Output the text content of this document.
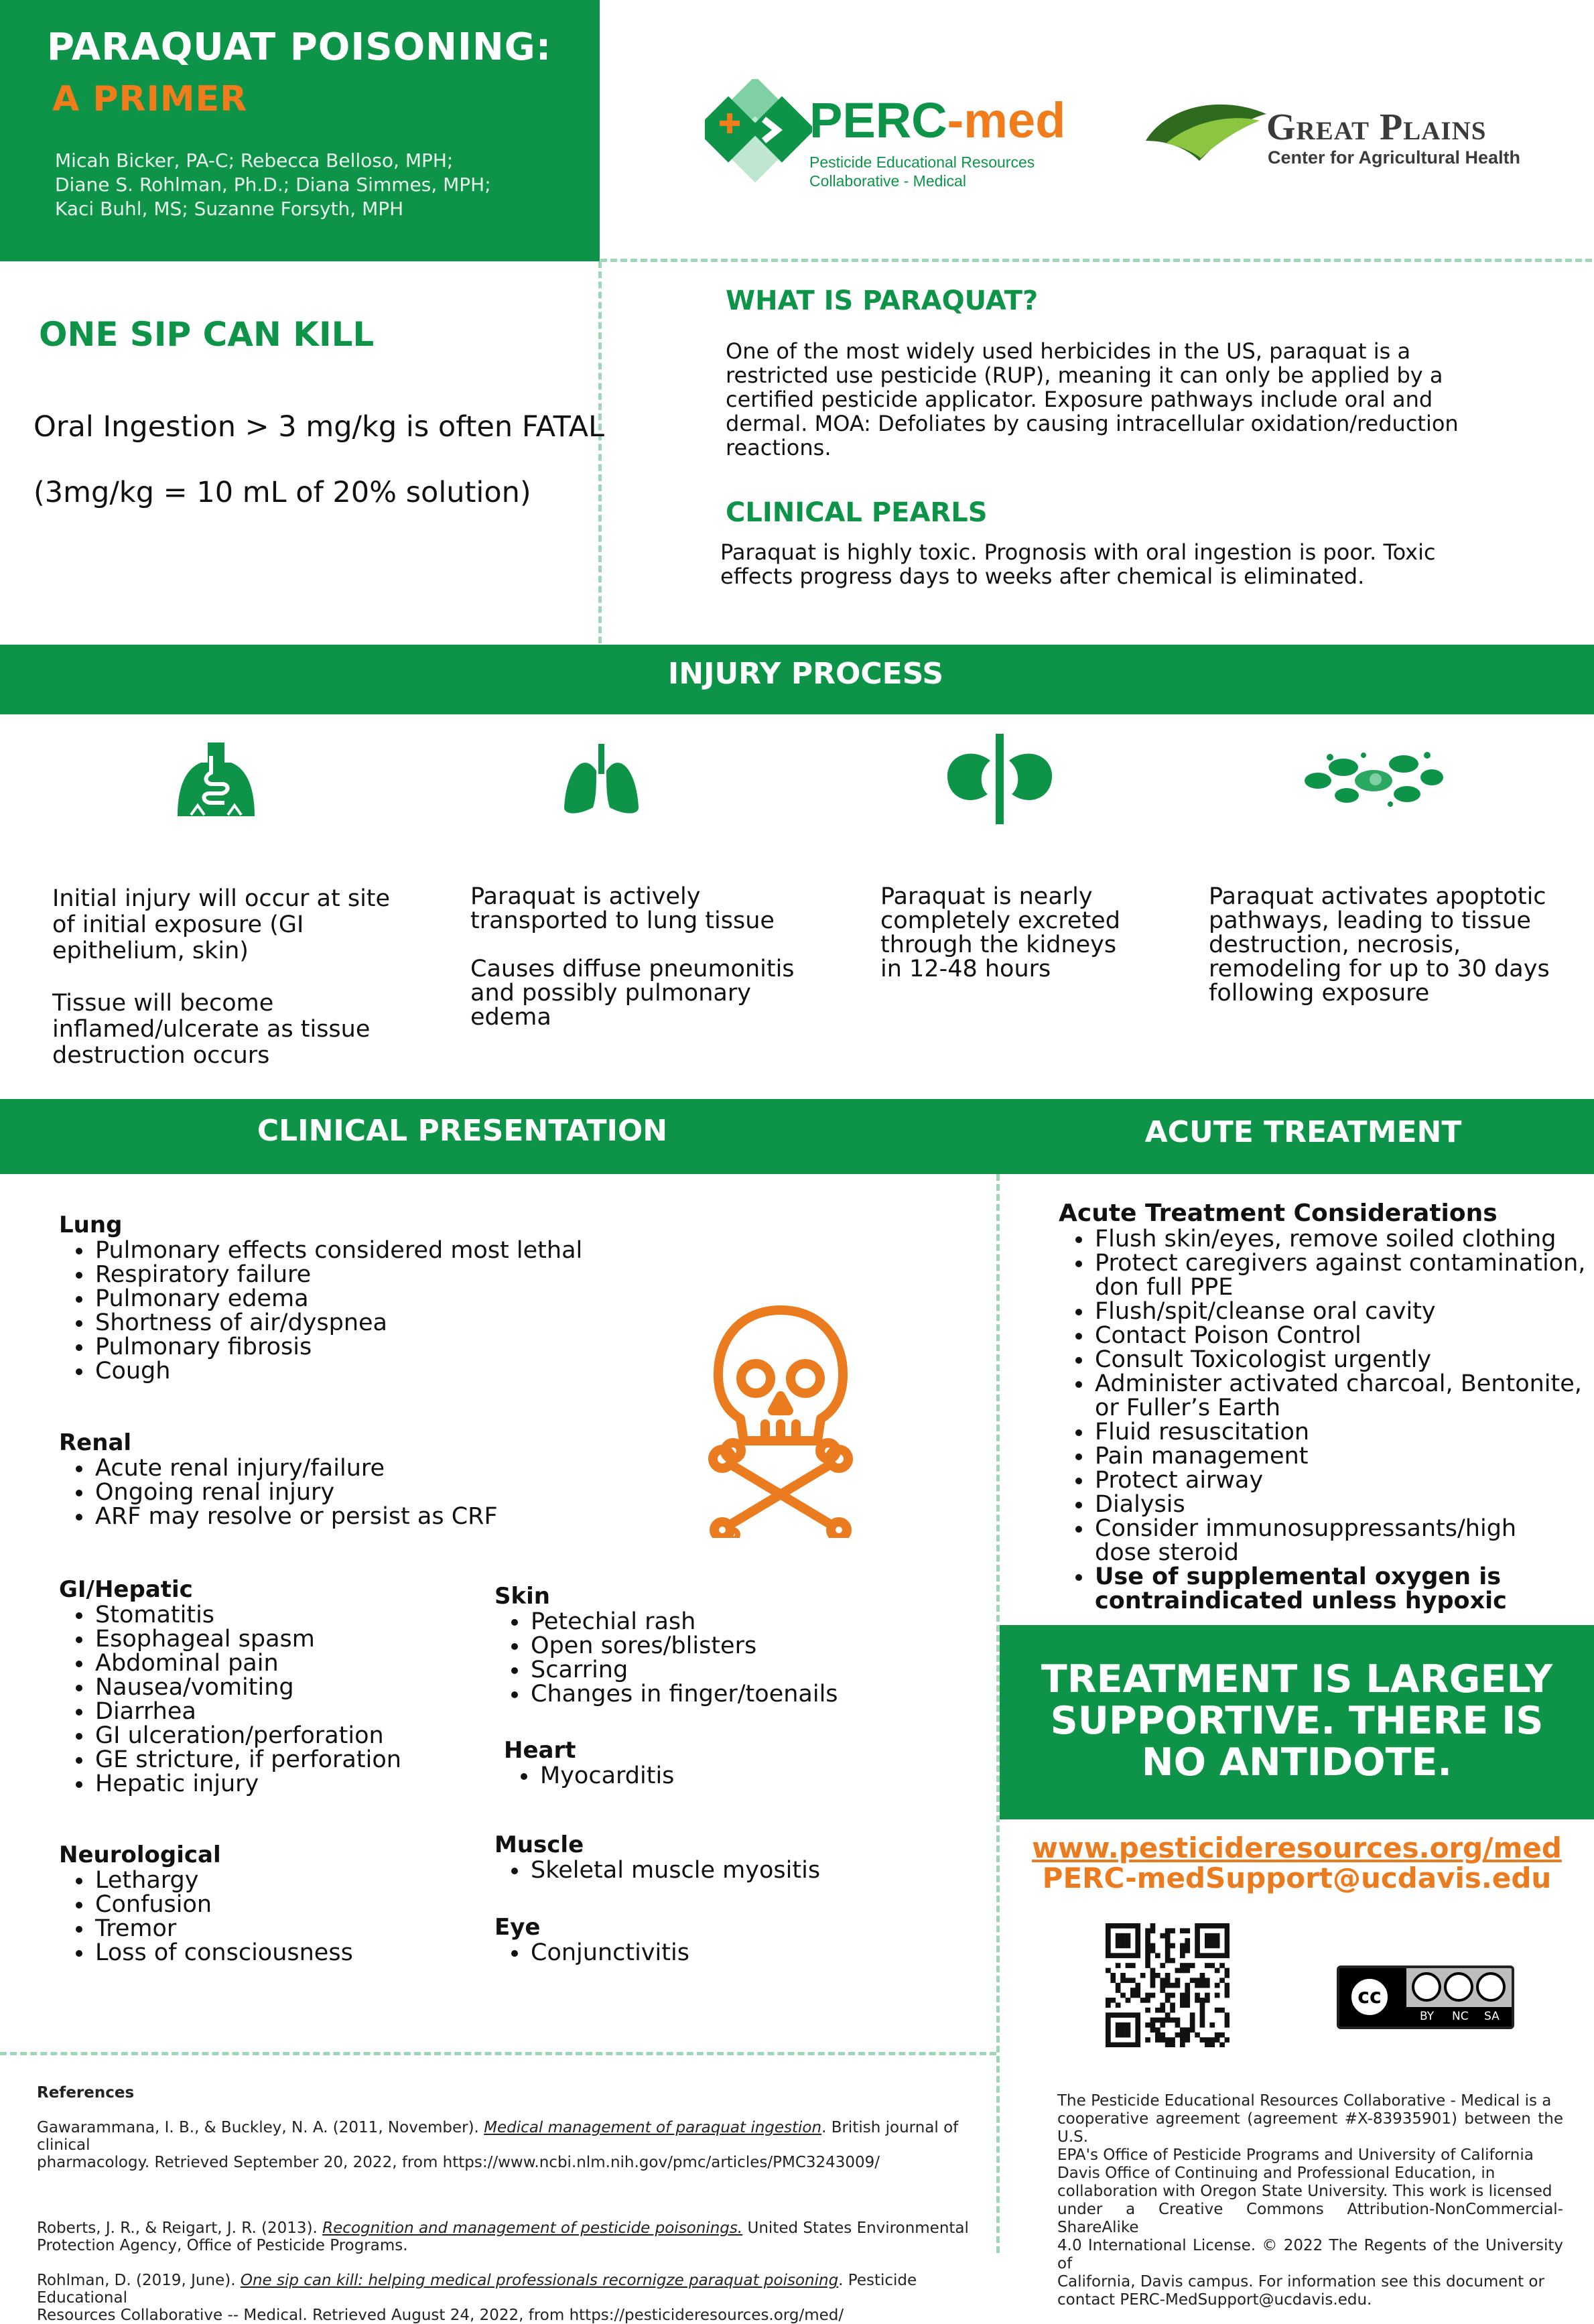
PARAQUAT POISONING:
A PRIMER
Micah Bicker, PA-C; Rebecca Belloso, MPH;
Diane S. Rohlman, Ph.D.; Diana Simmes, MPH;
Kaci Buhl, MS; Suzanne Forsyth, MPH
PERC-med
Pesticide Educational Resources
Collaborative - Medical
Great Plains
Center for Agricultural Health
ONE SIP CAN KILL
Oral Ingestion > 3 mg/kg is often FATAL
(3mg/kg = 10 mL of 20% solution)
WHAT IS PARAQUAT?
One of the most widely used herbicides in the US, paraquat is a
restricted use pesticide (RUP), meaning it can only be applied by a
certified pesticide applicator. Exposure pathways include oral and
dermal. MOA: Defoliates by causing intracellular oxidation/reduction
reactions.
CLINICAL PEARLS
Paraquat is highly toxic. Prognosis with oral ingestion is poor. Toxic
effects progress days to weeks after chemical is eliminated.
INJURY PROCESS
Initial injury will occur at site
of initial exposure (GI
epithelium, skin)
Tissue will become
inflamed/ulcerate as tissue
destruction occurs
Paraquat is actively
transported to lung tissue
Causes diffuse pneumonitis
and possibly pulmonary
edema
Paraquat is nearly
completely excreted
through the kidneys
in 12-48 hours
Paraquat activates apoptotic
pathways, leading to tissue
destruction, necrosis,
remodeling for up to 30 days
following exposure
CLINICAL PRESENTATION	ACUTE TREATMENT
Lung
• Pulmonary effects considered most lethal
• Respiratory failure
• Pulmonary edema
• Shortness of air/dyspnea
• Pulmonary fibrosis
• Cough
Renal
• Acute renal injury/failure
• Ongoing renal injury
• ARF may resolve or persist as CRF
GI/Hepatic
• Stomatitis
• Esophageal spasm
• Abdominal pain
• Nausea/vomiting
• Diarrhea
• GI ulceration/perforation
• GE stricture, if perforation
• Hepatic injury
Neurological
• Lethargy
• Confusion
• Tremor
• Loss of consciousness
Skin
• Petechial rash
• Open sores/blisters
• Scarring
• Changes in finger/toenails
Heart
• Myocarditis
Muscle
• Skeletal muscle myositis
Eye
• Conjunctivitis
Acute Treatment Considerations
• Flush skin/eyes, remove soiled clothing
• Protect caregivers against contamination,
don full PPE
• Flush/spit/cleanse oral cavity
• Contact Poison Control
• Consult Toxicologist urgently
• Administer activated charcoal, Bentonite,
or Fuller’s Earth
• Fluid resuscitation
• Pain management
• Protect airway
• Dialysis
• Consider immunosuppressants/high
dose steroid
• Use of supplemental oxygen is
contraindicated unless hypoxic
TREATMENT IS LARGELY
SUPPORTIVE. THERE IS
NO ANTIDOTE.
www.pesticideresources.org/med
PERC-medSupport@ucdavis.edu
cc
BY NC SA
References
Gawarammana, I. B., & Buckley, N. A. (2011, November). Medical management of paraquat ingestion. British journal of clinical
pharmacology. Retrieved September 20, 2022, from https://www.ncbi.nlm.nih.gov/pmc/articles/PMC3243009/
Roberts, J. R., & Reigart, J. R. (2013). Recognition and management of pesticide poisonings. United States Environmental
Protection Agency, Office of Pesticide Programs.
Rohlman, D. (2019, June). One sip can kill: helping medical professionals recornigze paraquat poisoning. Pesticide Educational
Resources Collaborative -- Medical. Retrieved August 24, 2022, from https://pesticideresources.org/med/
The Pesticide Educational Resources Collaborative - Medical is a
cooperative agreement (agreement #X-83935901) between the U.S.
EPA's Office of Pesticide Programs and University of California
Davis Office of Continuing and Professional Education, in
collaboration with Oregon State University. This work is licensed
under a Creative Commons Attribution-NonCommercial-ShareAlike
4.0 International License. © 2022 The Regents of the University of
California, Davis campus. For information see this document or
contact PERC-MedSupport@ucdavis.edu.
